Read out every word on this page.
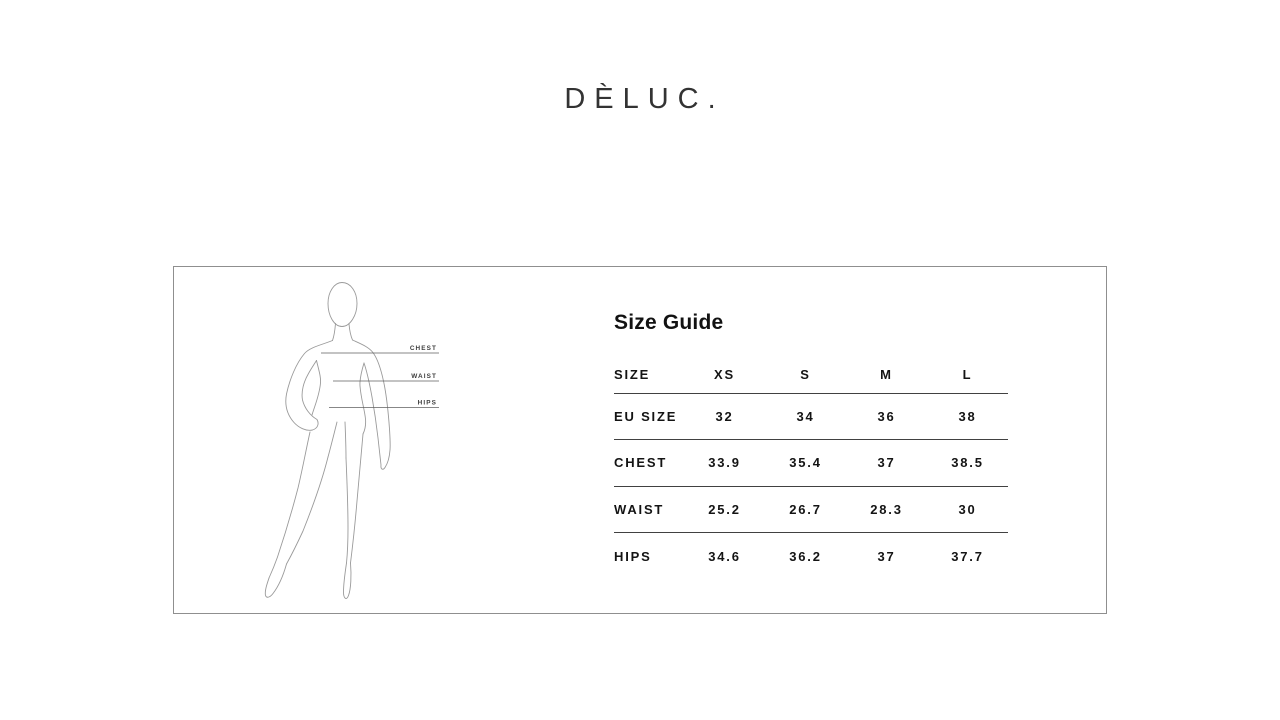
DÈLUC.
CHEST
WAIST
HIPS
Size Guide
SIZE	XS	S	M	L
EU SIZE	32	34	36	38
CHEST	33.9	35.4	37	38.5
WAIST	25.2	26.7	28.3	30
HIPS	34.6	36.2	37	37.7
